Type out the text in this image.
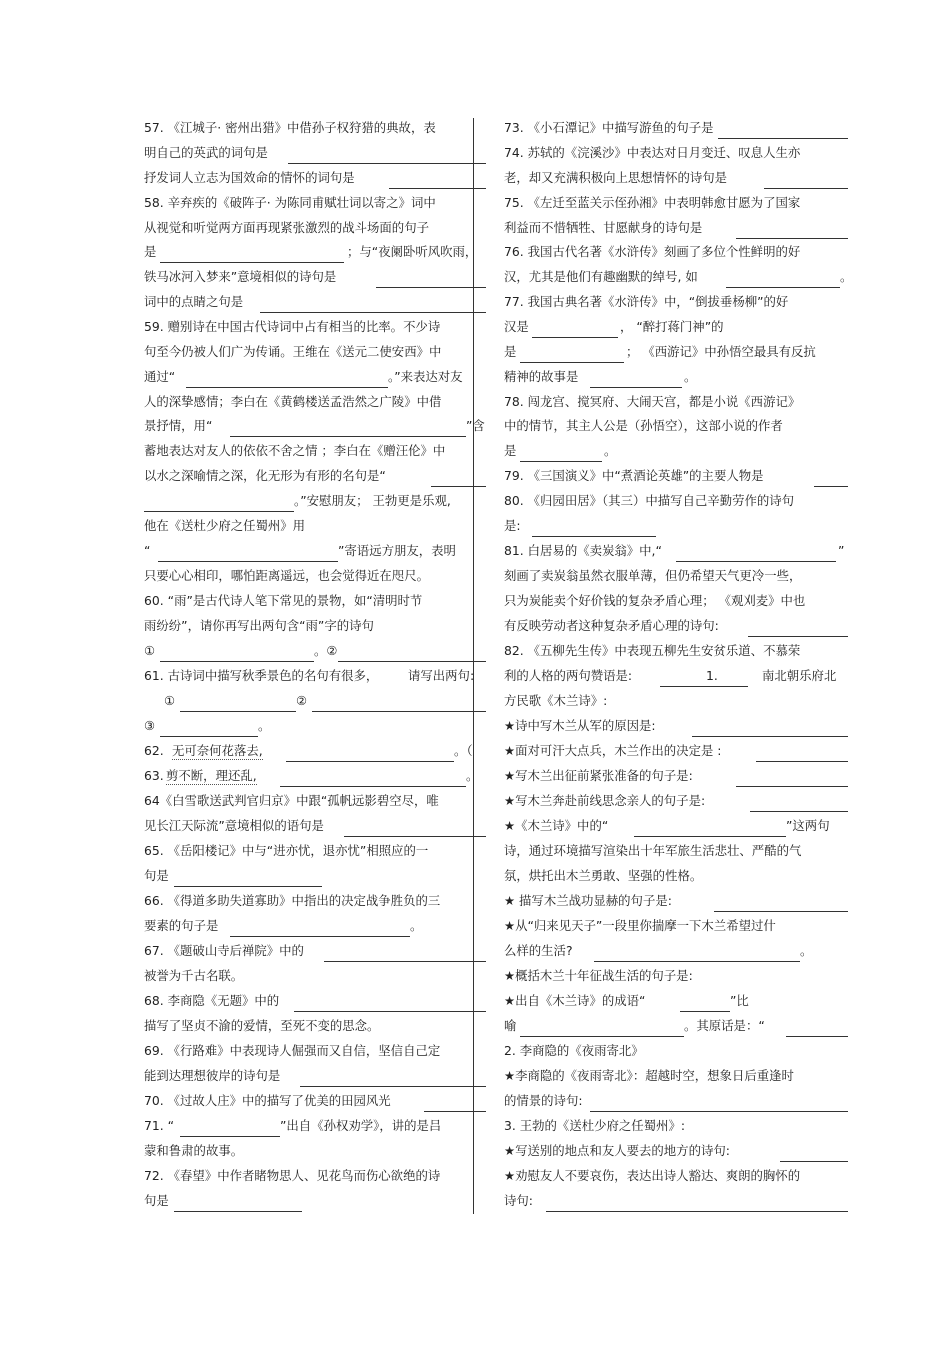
57. 《江城子· 密州出猎》中借孙子权狩猎的典故，表
明自己的英武的词句是
抒发词人立志为国效命的情怀的词句是
58. 辛弃疾的《破阵子· 为陈同甫赋壮词以寄之》词中
从视觉和听觉两方面再现紧张激烈的战斗场面的句子
是	；与“夜阑卧听风吹雨，
铁马冰河入梦来”意境相似的诗句是
词中的点睛之句是
59. 赠别诗在中国古代诗词中占有相当的比率。不少诗
句至今仍被人们广为传诵。王维在《送元二使安西》中
通过“	。”来表达对友
人的深挚感情；李白在《黄鹤楼送孟浩然之广陵》中借
景抒情，用“	”含
蓄地表达对友人的依依不舍之情 ；李白在《赠汪伦》中
以水之深喻情之深，化无形为有形的名句是“
。”安慰朋友； 王勃更是乐观,
他在《送杜少府之任蜀州》用
“	”寄语远方朋友，表明
只要心心相印，哪怕距离遥远，也会觉得近在咫尺。
60. “雨”是古代诗人笔下常见的景物，如“清明时节
雨纷纷”，请你再写出两句含“雨”字的诗句
①	。②
61. 古诗词中描写秋季景色的名句有很多， 请写出两句:
①	②
③	。
62. 无可奈何花落去,	。（
63. 剪不断，理还乱,	。
64《白雪歌送武判官归京》中跟“孤帆远影碧空尽，唯
见长江天际流”意境相似的语句是
65. 《岳阳楼记》中与“进亦忧，退亦忧”相照应的一
句是
66. 《得道多助失道寡助》中指出的决定战争胜负的三
要素的句子是	。
67. 《题破山寺后禅院》中的
被誉为千古名联。
68. 李商隐《无题》中的
描写了坚贞不渝的爱情，至死不变的思念。
69. 《行路难》中表现诗人倔强而又自信，坚信自己定
能到达理想彼岸的诗句是
70. 《过故人庄》中的描写了优美的田园风光
71. “	”出自《孙权劝学》，讲的是吕
蒙和鲁肃的故事。
72. 《春望》中作者睹物思人、见花鸟而伤心欲绝的诗
句是
73. 《小石潭记》中描写游鱼的句子是
74. 苏轼的《浣溪沙》中表达对日月变迁、叹息人生亦
老，却又充满积极向上思想情怀的诗句是
75. 《左迁至蓝关示侄孙湘》中表明韩愈甘愿为了国家
利益而不惜牺牲、甘愿献身的诗句是
76. 我国古代名著《水浒传》刻画了多位个性鲜明的好
汉，尤其是他们有趣幽默的绰号, 如	。
77. 我国古典名著《水浒传》中，“倒拔垂杨柳”的好
汉是	， “醉打蒋门神”的
是	； 《西游记》中孙悟空最具有反抗
精神的故事是	。
78. 闯龙宫、搅冥府、大闹天宫，都是小说《西游记》
中的情节，其主人公是（孙悟空），这部小说的作者
是	。
79. 《三国演义》中“煮酒论英雄”的主要人物是
80. 《归园田居》（其三）中描写自己辛勤劳作的诗句
是:
81. 白居易的《卖炭翁》中,“	”
刻画了卖炭翁虽然衣服单薄，但仍希望天气更冷一些，
只为炭能卖个好价钱的复杂矛盾心理； 《观刈麦》中也
有反映劳动者这种复杂矛盾心理的诗句:
82. 《五柳先生传》中表现五柳先生安贫乐道、不慕荣
利的人格的两句赞语是:	1.	南北朝乐府北
方民歌《木兰诗》:
★诗中写木兰从军的原因是:
★面对可汗大点兵，木兰作出的决定是 :
★写木兰出征前紧张准备的句子是:
★写木兰奔赴前线思念亲人的句子是:
★《木兰诗》中的“	”这两句
诗，通过环境描写渲染出十年军旅生活悲壮、严酷的气
氛，烘托出木兰勇敢、坚强的性格。
★ 描写木兰战功显赫的句子是:
★从“归来见天子”一段里你揣摩一下木兰希望过什
么样的生活?	。
★概括木兰十年征战生活的句子是:
★出自《木兰诗》的成语“	”比
喻	。其原话是：“
2. 李商隐的《夜雨寄北》
★李商隐的《夜雨寄北》：超越时空，想象日后重逢时
的情景的诗句:
3. 王勃的《送杜少府之任蜀州》:
★写送别的地点和友人要去的地方的诗句:
★劝慰友人不要哀伤，表达出诗人豁达、爽朗的胸怀的
诗句:
